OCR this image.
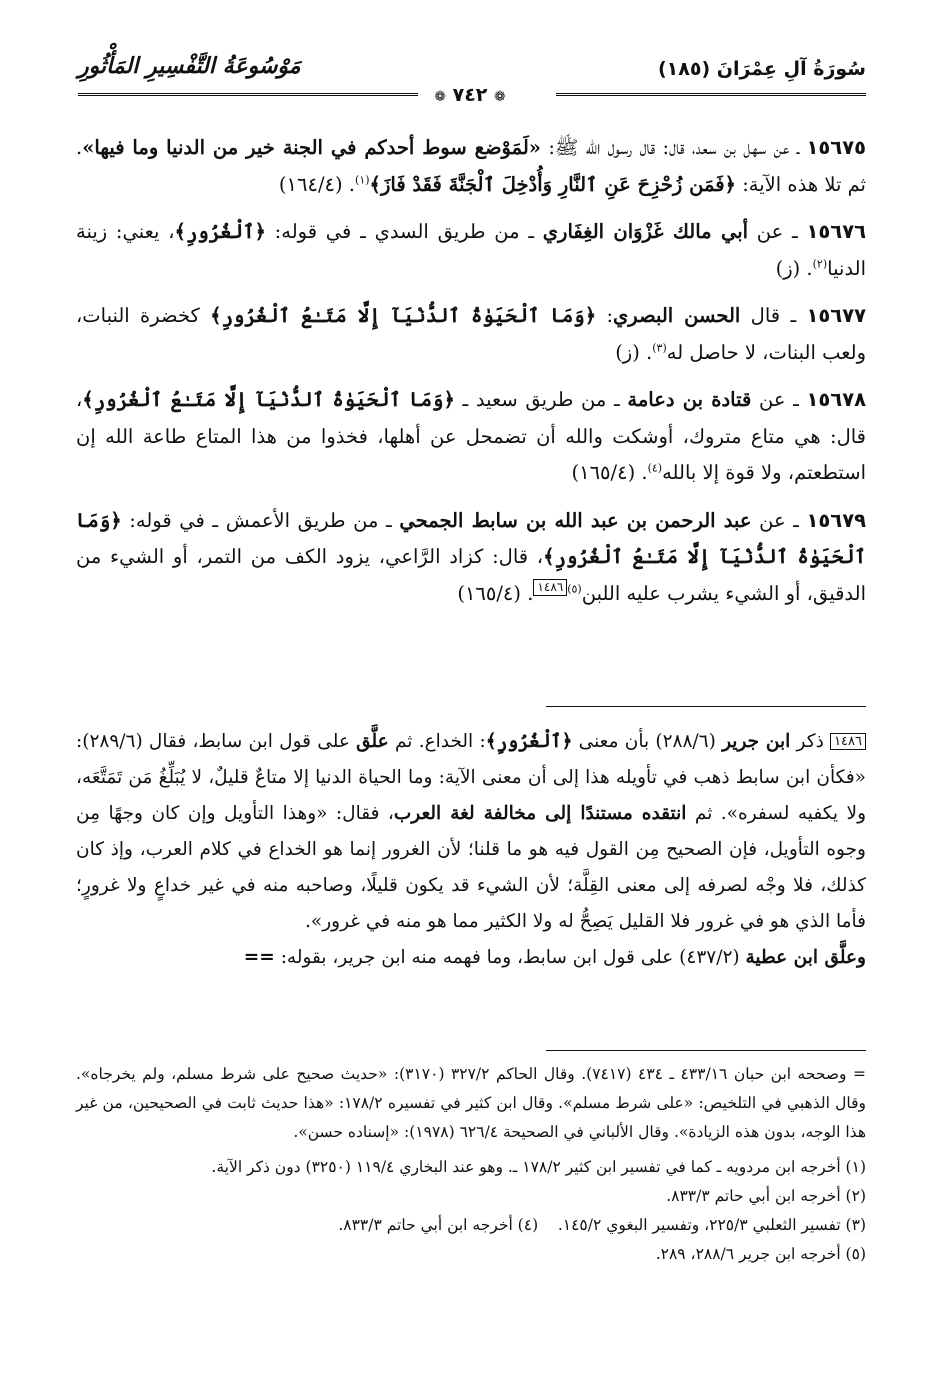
سُورَةُ آلِ عِمْرَانَ (١٨٥)
مَوْسُوعَةُ التَّفْسِيرِ المَأْثُورِ
❁ ٧٤٢ ❁

١٥٦٧٥ ـ عن سهل بن سعد، قال: قال رسول الله ﷺ: «لَمَوْضع سوط أحدكم في الجنة خير من الدنيا وما فيها». ثم تلا هذه الآية: ﴿فَمَن زُحْزِحَ عَنِ ٱلنَّارِ وَأُدْخِلَ ٱلْجَنَّةَ فَقَدْ فَازَ﴾$^{(١)}$. (١٦٤/٤)

١٥٦٧٦ ـ عن أبي مالك غَزْوَان الغِفَاري ـ من طريق السدي ـ في قوله: ﴿ٱلْغُرُورِ﴾، يعني: زينة الدنيا$^{(٢)}$. (ز)

١٥٦٧٧ ـ قال الحسن البصري: ﴿وَمَا ٱلْحَيَوٰةُ ٱلدُّنْيَآ إِلَّا مَتَـٰعُ ٱلْغُرُورِ﴾ كخضرة النبات، ولعب البنات، لا حاصل له$^{(٣)}$. (ز)

١٥٦٧٨ ـ عن قتادة بن دعامة ـ من طريق سعيد ـ ﴿وَمَا ٱلْحَيَوٰةُ ٱلدُّنْيَآ إِلَّا مَتَـٰعُ ٱلْغُرُورِ﴾، قال: هي متاع متروك، أوشكت والله أن تضمحل عن أهلها، فخذوا من هذا المتاع طاعة الله إن استطعتم، ولا قوة إلا بالله$^{(٤)}$. (١٦٥/٤)

١٥٦٧٩ ـ عن عبد الرحمن بن عبد الله بن سابط الجمحي ـ من طريق الأعمش ـ في قوله: ﴿وَمَا ٱلْحَيَوٰةُ ٱلدُّنْيَآ إِلَّا مَتَـٰعُ ٱلْغُرُورِ﴾، قال: كزاد الرَّاعي، يزود الكف من التمر، أو الشيء من الدقيق، أو الشيء يشرب عليه اللبن$^{(٥)}$١٤٨٦. (١٦٥/٤)

١٤٨٦ ذكر ابن جرير (٢٨٨/٦) بأن معنى ﴿ٱلْغُرُورِ﴾: الخداع. ثم علَّق على قول ابن سابط، فقال (٢٨٩/٦): «فكأن ابن سابط ذهب في تأويله هذا إلى أن معنى الآية: وما الحياة الدنيا إلا متاعٌ قليلٌ، لا يُبَلِّغُ مَن تَمَتَّعَه، ولا يكفيه لسفره». ثم انتقده مستندًا إلى مخالفة لغة العرب، فقال: «وهذا التأويل وإن كان وجهًا مِن وجوه التأويل، فإن الصحيح مِن القول فيه هو ما قلنا؛ لأن الغرور إنما هو الخداع في كلام العرب، وإذ كان كذلك، فلا وجْه لصرفه إلى معنى القِلَّة؛ لأن الشيء قد يكون قليلًا، وصاحبه منه في غير خداعٍ ولا غرورٍ؛ فأما الذي هو في غرور فلا القليل يَصِحُّ له ولا الكثير مما هو منه في غرور».
وعلَّق ابن عطية (٤٣٧/٢) على قول ابن سابط، وما فهمه منه ابن جرير، بقوله: ==

= وصححه ابن حبان ٤٣٣/١٦ ـ ٤٣٤ (٧٤١٧). وقال الحاكم ٣٢٧/٢ (٣١٧٠): «حديث صحيح على شرط مسلم، ولم يخرجاه». وقال الذهبي في التلخيص: «على شرط مسلم». وقال ابن كثير في تفسيره ١٧٨/٢: «هذا حديث ثابت في الصحيحين، من غير هذا الوجه، بدون هذه الزيادة». وقال الألباني في الصحيحة ٦٢٦/٤ (١٩٧٨): «إسناده حسن».

(١) أخرجه ابن مردويه ـ كما في تفسير ابن كثير ١٧٨/٢ ـ. وهو عند البخاري ١١٩/٤ (٣٢٥٠) دون ذكر الآية.

(٢) أخرجه ابن أبي حاتم ٨٣٣/٣.

(٣) تفسير الثعلبي ٢٢٥/٣، وتفسير البغوي ١٤٥/٢.    (٤) أخرجه ابن أبي حاتم ٨٣٣/٣.

(٥) أخرجه ابن جرير ٢٨٨/٦، ٢٨٩.
